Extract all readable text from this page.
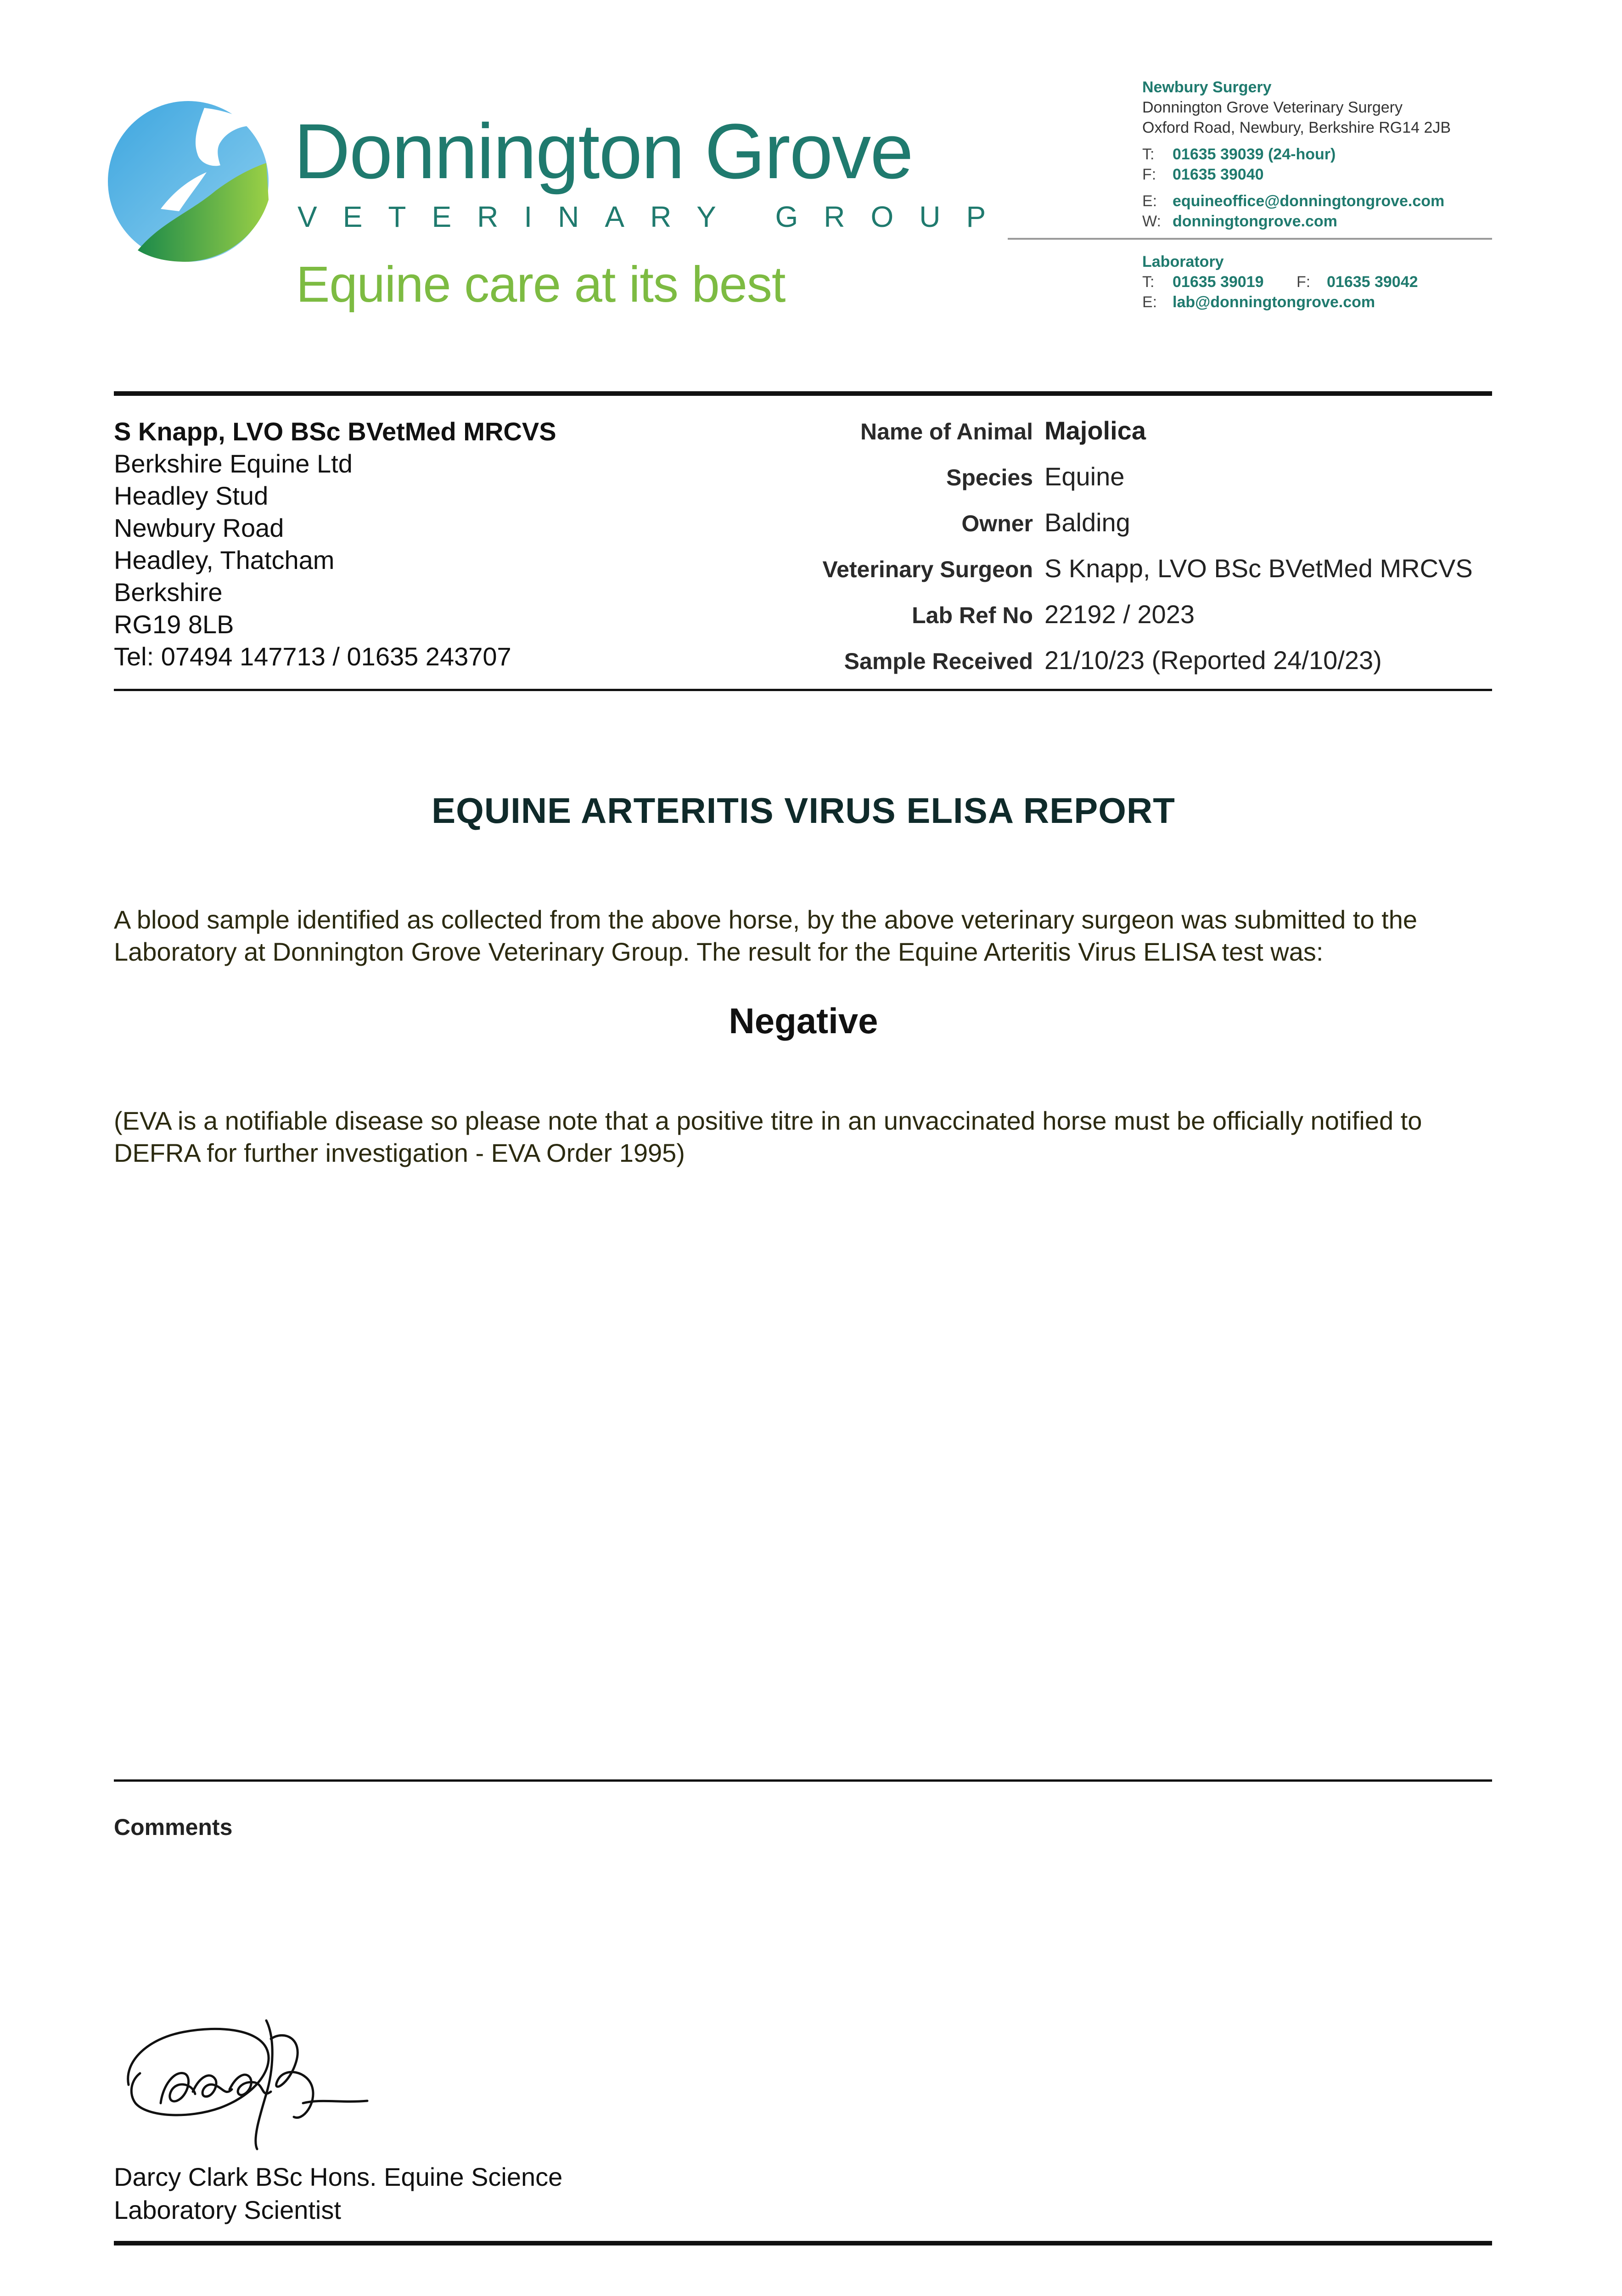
Donnington Grove
VETERINARY GROUP
Equine care at its best
Newbury Surgery
Donnington Grove Veterinary Surgery
Oxford Road, Newbury, Berkshire RG14 2JB
T:	01635 39039 (24-hour)
F:	01635 39040
E: equineoffice@donningtongrove.com
W: donningtongrove.com
Laboratory
T:	01635 39019	F:	01635 39042
E: lab@donningtongrove.com
S Knapp, LVO BSc BVetMed MRCVS
Berkshire Equine Ltd
Headley Stud
Newbury Road
Headley, Thatcham
Berkshire
RG19 8LB
Tel: 07494 147713 / 01635 243707
Name of Animal Majolica
Species Equine
Owner Balding
Veterinary Surgeon S Knapp, LVO BSc BVetMed MRCVS
Lab Ref No 22192 / 2023
Sample Received 21/10/23 (Reported 24/10/23)
EQUINE ARTERITIS VIRUS ELISA REPORT
A blood sample identified as collected from the above horse, by the above veterinary surgeon was submitted to the Laboratory at Donnington Grove Veterinary Group. The result for the Equine Arteritis Virus ELISA test was:
Negative
(EVA is a notifiable disease so please note that a positive titre in an unvaccinated horse must be officially notified to DEFRA for further investigation - EVA Order 1995)
Comments
Darcy Clark BSc Hons. Equine Science
Laboratory Scientist
